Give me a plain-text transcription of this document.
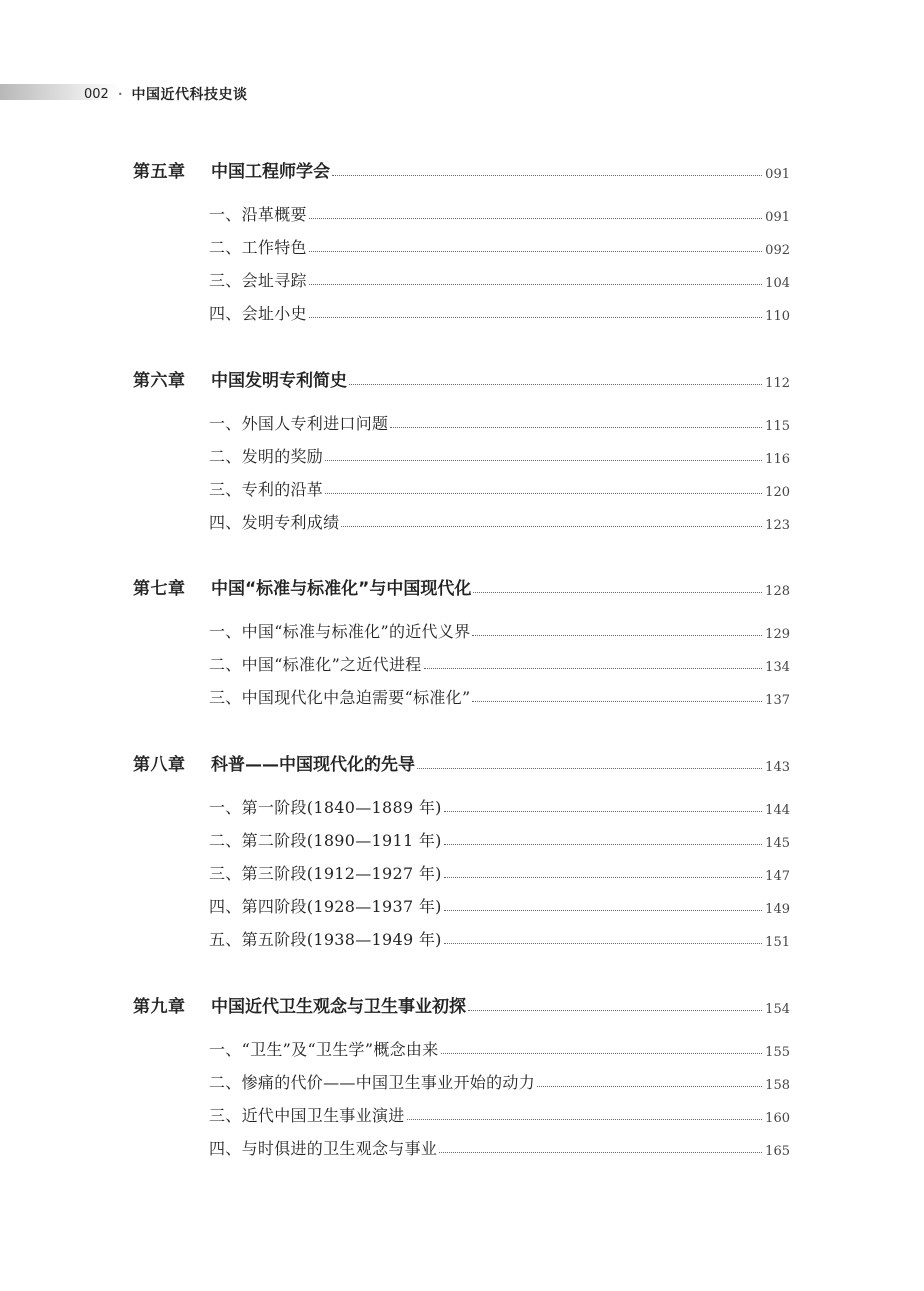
002 • 中国近代科技史谈
第五章 中国工程师学会	091
一、沿革概要	091
二、工作特色	092
三、会址寻踪	104
四、会址小史	110
第六章 中国发明专利简史	112
一、外国人专利进口问题	115
二、发明的奖励	116
三、专利的沿革	120
四、发明专利成绩	123
第七章 中国“标准与标准化”与中国现代化	128
一、中国“标准与标准化”的近代义界	129
二、中国“标准化”之近代进程	134
三、中国现代化中急迫需要“标准化”	137
第八章 科普——中国现代化的先导	143
一、第一阶段(1840—1889 年)	144
二、第二阶段(1890—1911 年)	145
三、第三阶段(1912—1927 年)	147
四、第四阶段(1928—1937 年)	149
五、第五阶段(1938—1949 年)	151
第九章 中国近代卫生观念与卫生事业初探	154
一、“卫生”及“卫生学”概念由来	155
二、惨痛的代价——中国卫生事业开始的动力	158
三、近代中国卫生事业演进	160
四、与时俱进的卫生观念与事业	165
